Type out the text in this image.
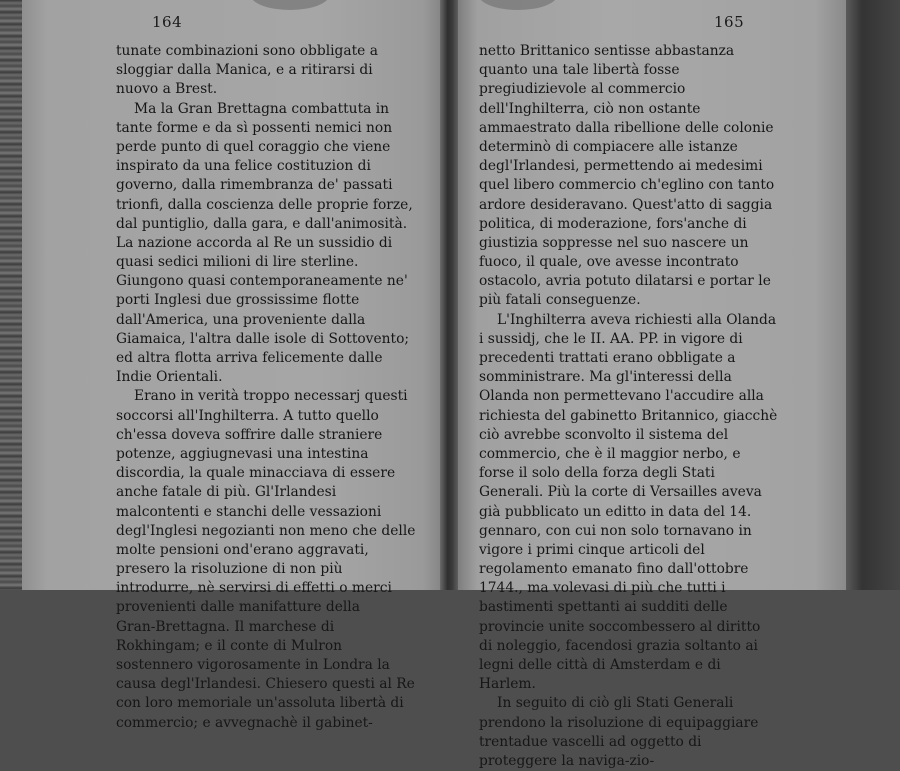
164
tunate combinazioni sono obbligate a
sloggiar dalla Manica, e a ritirarsi di
nuovo a Brest.
Ma la Gran Brettagna combattuta in
tante forme e da sì possenti nemici non
perde punto di quel coraggio che viene
inspirato da una felice costituzion di
governo, dalla rimembranza de' passati
trionfi, dalla coscienza delle proprie forze,
dal puntiglio, dalla gara, e dall'animosità.
La nazione accorda al Re un sussidio di
quasi sedici milioni di lire sterline.
Giungono quasi contemporaneamente ne'
porti Inglesi due grossissime flotte
dall'America, una proveniente dalla
Giamaica, l'altra dalle isole di Sottovento;
ed altra flotta arriva felicemente dalle
Indie Orientali.
Erano in verità troppo necessarj questi
soccorsi all'Inghilterra. A tutto quello
ch'essa doveva soffrire dalle straniere
potenze, aggiugnevasi una intestina
discordia, la quale minacciava di essere
anche fatale di più. Gl'Irlandesi
malcontenti e stanchi delle vessazioni
degl'Inglesi negozianti non meno che delle
molte pensioni ond'erano aggravati,
presero la risoluzione di non più
introdurre, nè servirsi di effetti o merci
provenienti dalle manifatture della
Gran-Brettagna. Il marchese di
Rokhingam; e il conte di Mulron
sostennero vigorosamente in Londra la
causa degl'Irlandesi. Chiesero questi al Re
con loro memoriale un'assoluta libertà di
commercio; e avvegnachè il gabinet-
165
netto Brittanico sentisse abbastanza
quanto una tale libertà fosse
pregiudizievole al commercio
dell'Inghilterra, ciò non ostante
ammaestrato dalla ribellione delle colonie
determinò di compiacere alle istanze
degl'Irlandesi, permettendo ai medesimi
quel libero commercio ch'eglino con tanto
ardore desideravano. Quest'atto di saggia
politica, di moderazione, fors'anche di
giustizia soppresse nel suo nascere un
fuoco, il quale, ove avesse incontrato
ostacolo, avria potuto dilatarsi e portar le
più fatali conseguenze.
L'Inghilterra aveva richiesti alla Olanda
i sussidj, che le II. AA. PP. in vigore di
precedenti trattati erano obbligate a
somministrare. Ma gl'interessi della
Olanda non permettevano l'accudire alla
richiesta del gabinetto Britannico, giacchè
ciò avrebbe sconvolto il sistema del
commercio, che è il maggior nerbo, e
forse il solo della forza degli Stati
Generali. Più la corte di Versailles aveva
già pubblicato un editto in data del 14.
gennaro, con cui non solo tornavano in
vigore i primi cinque articoli del
regolamento emanato fino dall'ottobre
1744., ma volevasi di più che tutti i
bastimenti spettanti ai sudditi delle
provincie unite soccombessero al diritto
di noleggio, facendosi grazia soltanto ai
legni delle città di Amsterdam e di
Harlem.
In seguito di ciò gli Stati Generali
prendono la risoluzione di equipaggiare
trentadue vascelli ad oggetto di
proteggere la naviga-zio-
